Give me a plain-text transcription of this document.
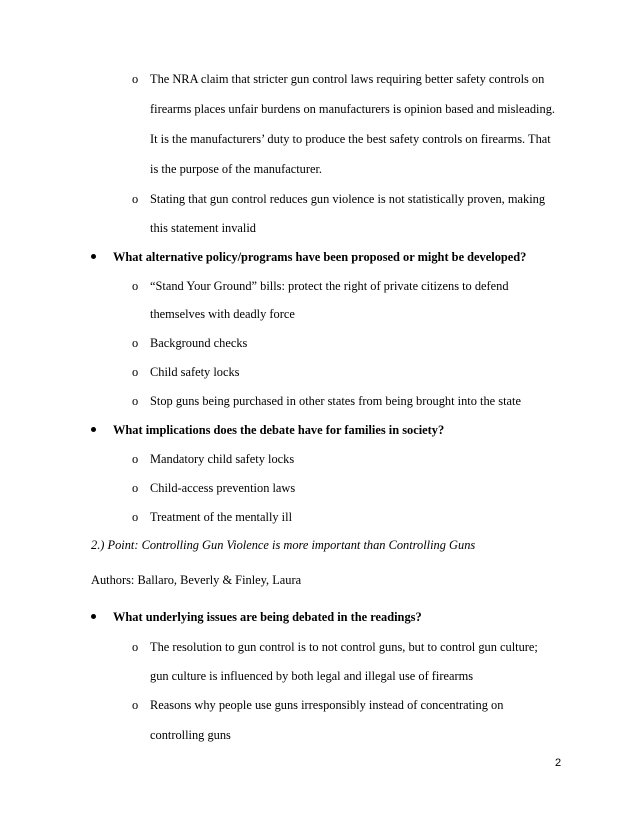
o The NRA claim that stricter gun control laws requiring better safety controls on
firearms places unfair burdens on manufacturers is opinion based and misleading.
It is the manufacturers’ duty to produce the best safety controls on firearms. That
is the purpose of the manufacturer.
o Stating that gun control reduces gun violence is not statistically proven, making
this statement invalid
What alternative policy/programs have been proposed or might be developed?
o “Stand Your Ground” bills: protect the right of private citizens to defend
themselves with deadly force
o Background checks
o Child safety locks
o Stop guns being purchased in other states from being brought into the state
What implications does the debate have for families in society?
o Mandatory child safety locks
o Child-access prevention laws
o Treatment of the mentally ill
2.) Point: Controlling Gun Violence is more important than Controlling Guns
Authors: Ballaro, Beverly & Finley, Laura
What underlying issues are being debated in the readings?
o The resolution to gun control is to not control guns, but to control gun culture;
gun culture is influenced by both legal and illegal use of firearms
o Reasons why people use guns irresponsibly instead of concentrating on
controlling guns
2
